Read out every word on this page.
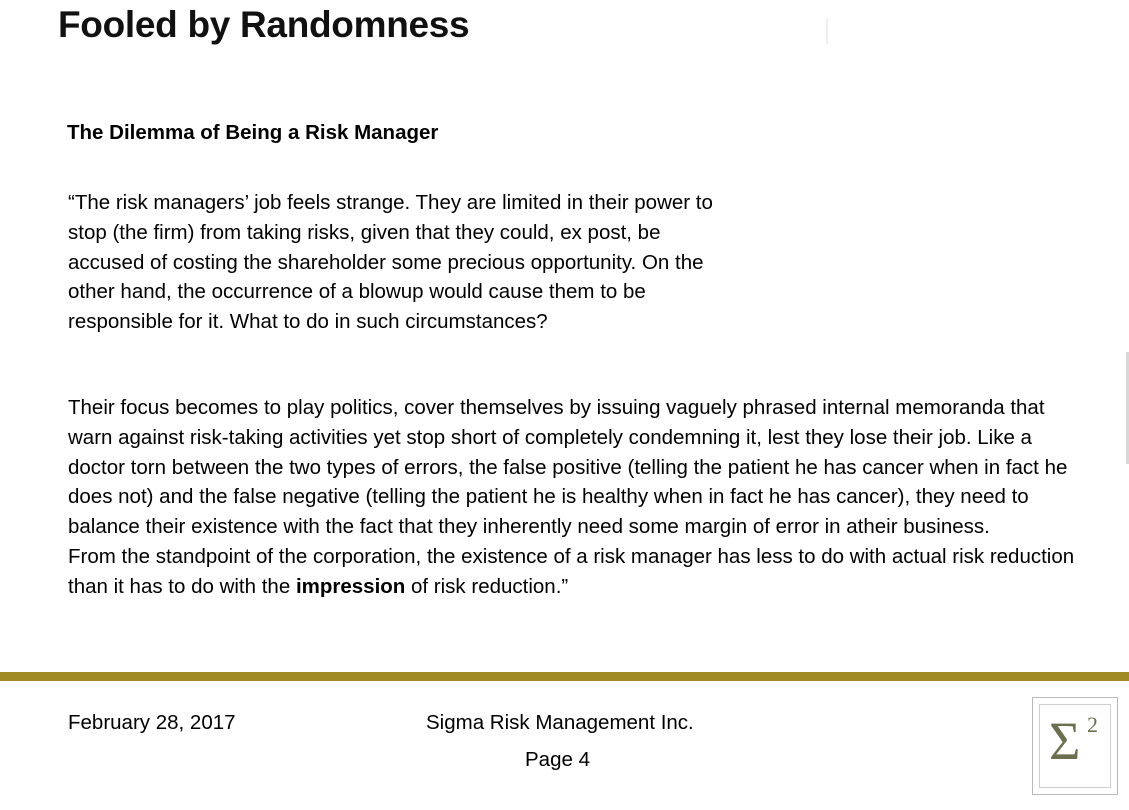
Fooled by Randomness
The Dilemma of Being a Risk Manager
“The risk managers’ job feels strange. They are limited in their power to stop (the firm) from taking risks, given that they could, ex post, be accused of costing the shareholder some precious opportunity. On the other hand, the occurrence of a blowup would cause them to be responsible for it. What to do in such circumstances?

Their focus becomes to play politics, cover themselves by issuing vaguely phrased internal memoranda that warn against risk-taking activities yet stop short of completely condemning it, lest they lose their job. Like a doctor torn between the two types of errors, the false positive (telling the patient he has cancer when in fact he does not) and the false negative (telling the patient he is healthy when in fact he has cancer), they need to balance their existence with the fact that they inherently need some margin of error in atheir business.

From the standpoint of the corporation, the existence of a risk manager has less to do with actual risk reduction than it has to do with the impression of risk reduction.”

February 28, 2017	Sigma Risk Management Inc.
Page 4	Σ 2
